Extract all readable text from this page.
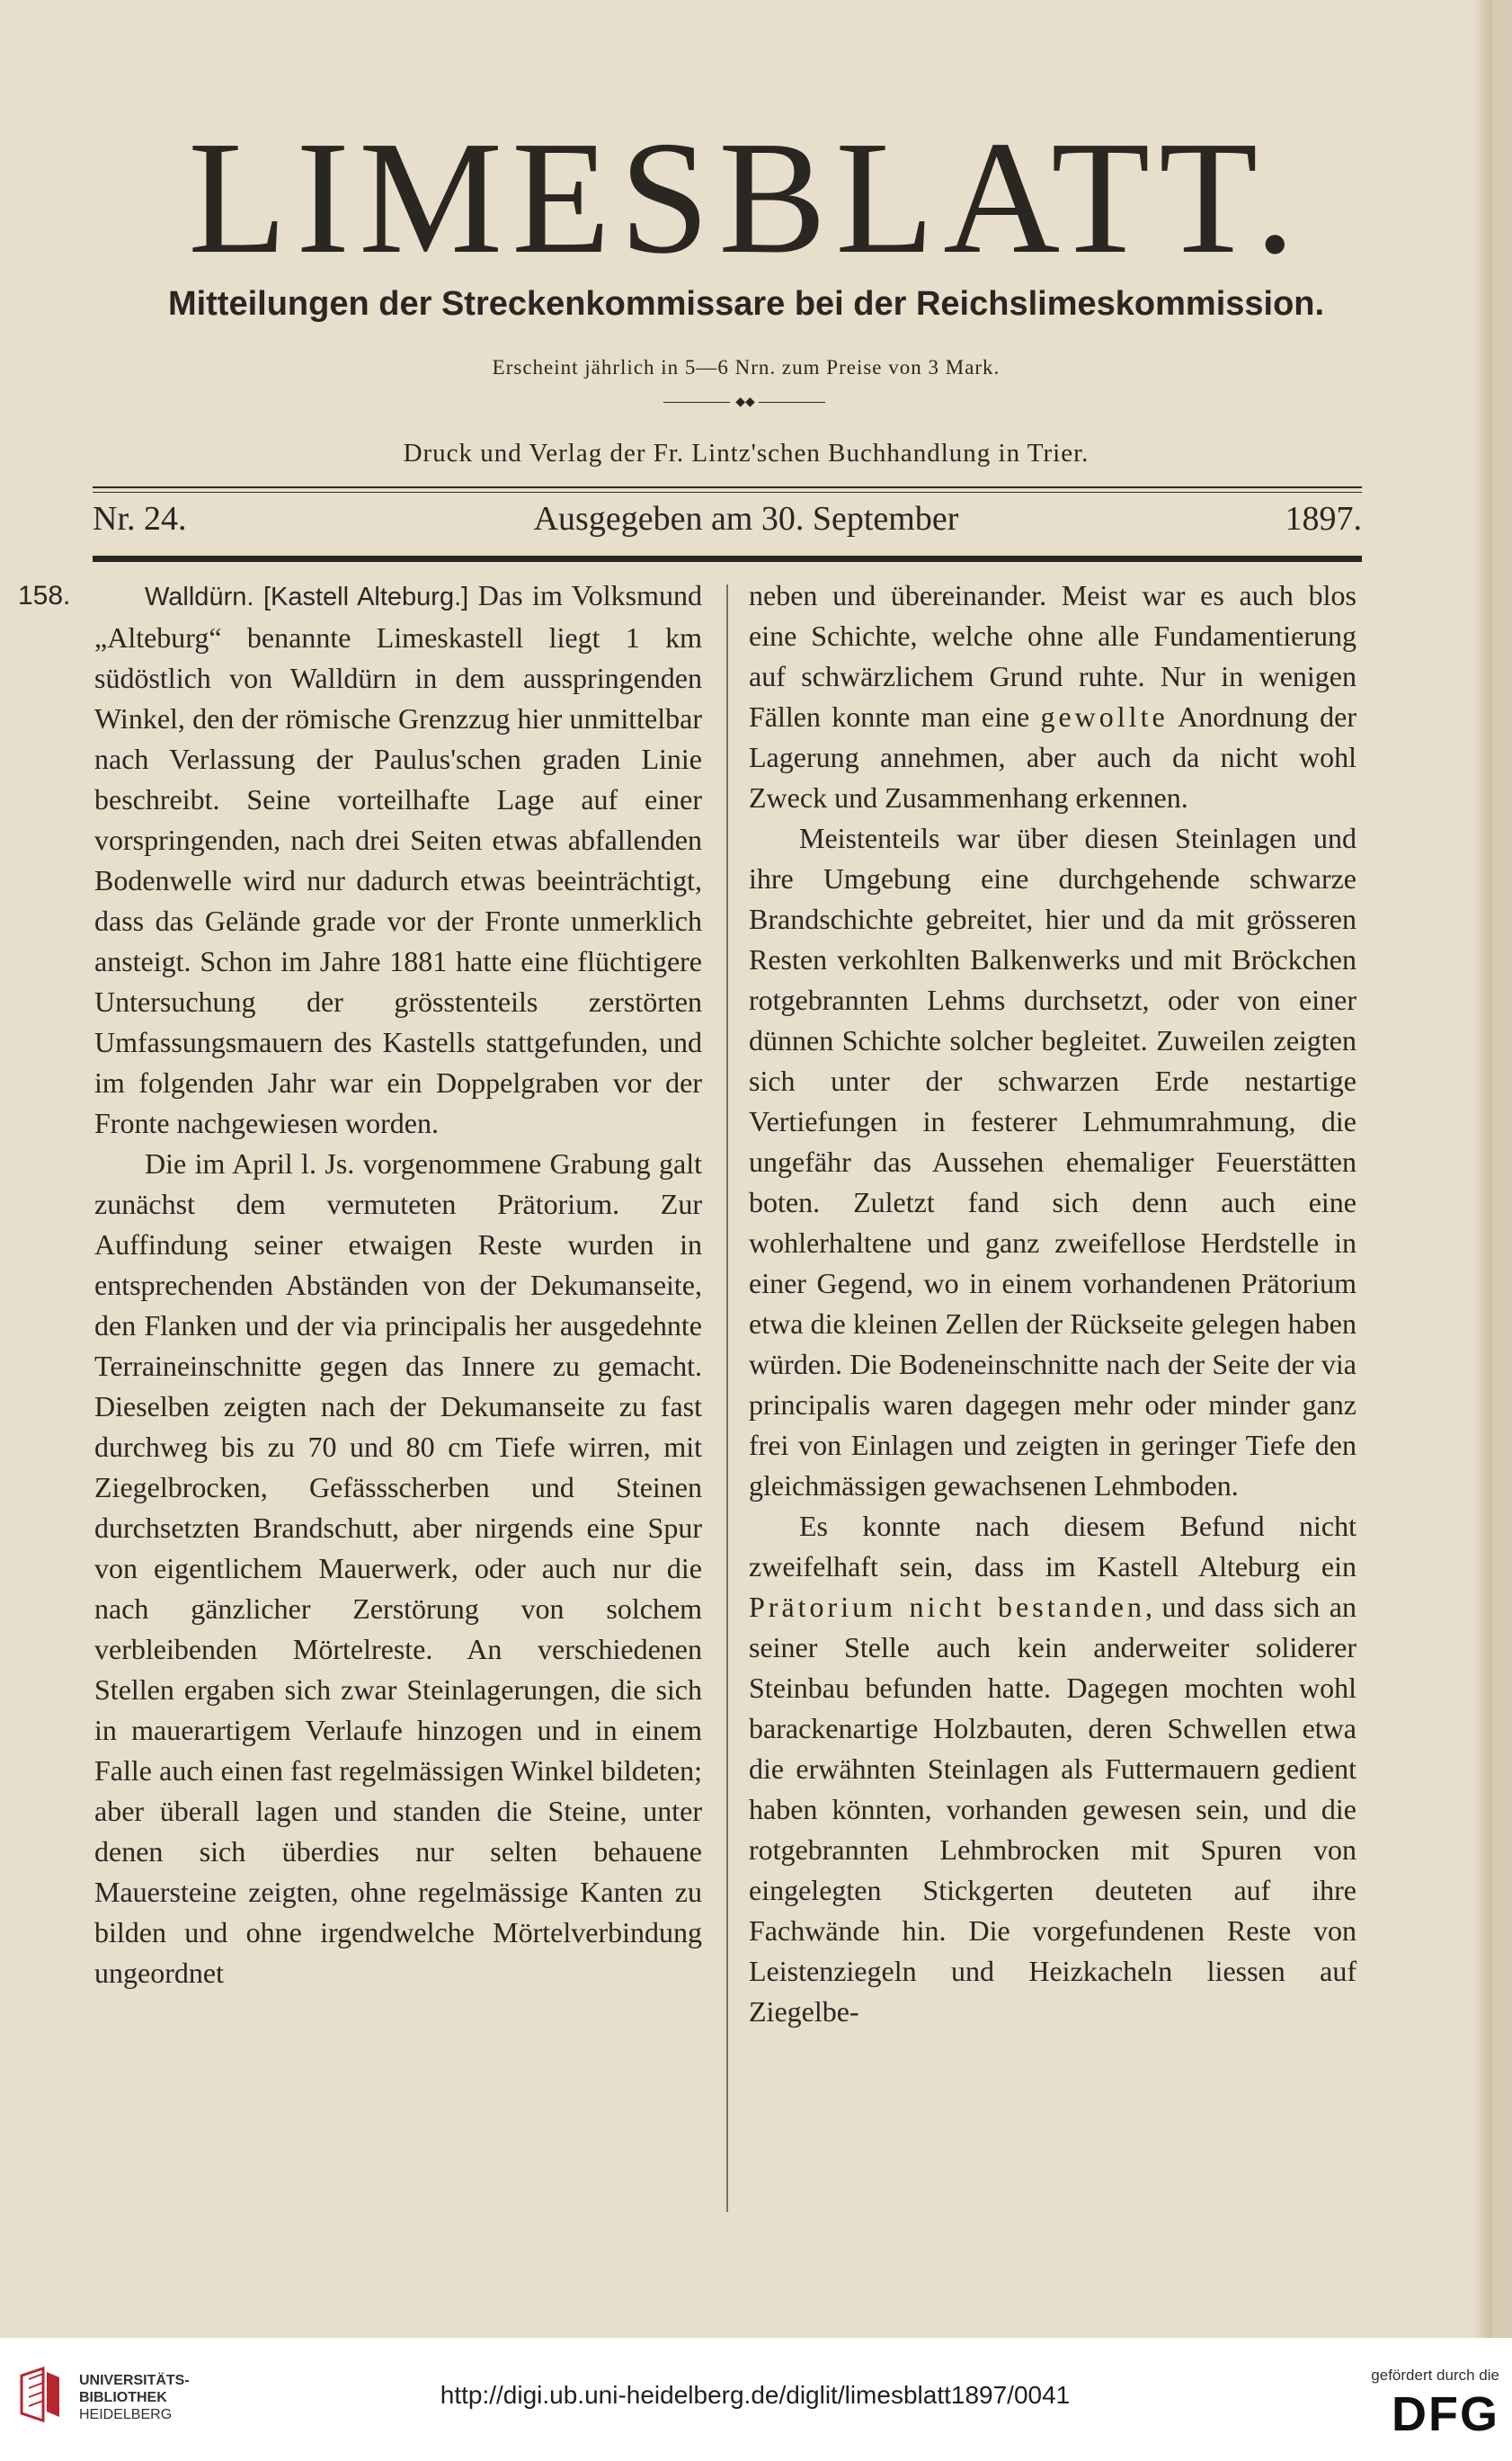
LIMESBLATT.
Mitteilungen der Streckenkommissare bei der Reichslimeskommission.
Erscheint jährlich in 5—6 Nrn. zum Preise von 3 Mark.
◆◆
Druck und Verlag der Fr. Lintz'schen Buchhandlung in Trier.
Nr. 24.	Ausgegeben am 30. September	1897.
158.	Walldürn. [Kastell Alteburg.] Das im Volksmund „Alteburg“ benannte Limeskastell liegt 1 km südöstlich von Walldürn in dem ausspringenden Winkel, den der römische Grenzzug hier unmittelbar nach Verlassung der Paulus'schen graden Linie beschreibt. Seine vorteilhafte Lage auf einer vorspringenden, nach drei Seiten etwas abfallenden Bodenwelle wird nur dadurch etwas beeinträchtigt, dass das Gelände grade vor der Fronte unmerklich ansteigt. Schon im Jahre 1881 hatte eine flüchtigere Untersuchung der grösstenteils zerstörten Umfassungsmauern des Kastells stattgefunden, und im folgenden Jahr war ein Doppelgraben vor der Fronte nachgewiesen worden.

Die im April l. Js. vorgenommene Grabung galt zunächst dem vermuteten Prätorium. Zur Auffindung seiner etwaigen Reste wurden in entsprechenden Abständen von der Dekumanseite, den Flanken und der via principalis her ausgedehnte Terraineinschnitte gegen das Innere zu gemacht. Dieselben zeigten nach der Dekumanseite zu fast durchweg bis zu 70 und 80 cm Tiefe wirren, mit Ziegelbrocken, Gefässscherben und Steinen durchsetzten Brandschutt, aber nirgends eine Spur von eigentlichem Mauerwerk, oder auch nur die nach gänzlicher Zerstörung von solchem verbleibenden Mörtelreste. An verschiedenen Stellen ergaben sich zwar Steinlagerungen, die sich in mauerartigem Verlaufe hinzogen und in einem Falle auch einen fast regelmässigen Winkel bildeten; aber überall lagen und standen die Steine, unter denen sich überdies nur selten behauene Mauersteine zeigten, ohne regelmässige Kanten zu bilden und ohne irgendwelche Mörtelverbindung ungeordnet

neben und übereinander. Meist war es auch blos eine Schichte, welche ohne alle Fundamentierung auf schwärzlichem Grund ruhte. Nur in wenigen Fällen konnte man eine gewollte Anordnung der Lagerung annehmen, aber auch da nicht wohl Zweck und Zusammenhang erkennen.

Meistenteils war über diesen Steinlagen und ihre Umgebung eine durchgehende schwarze Brandschichte gebreitet, hier und da mit grösseren Resten verkohlten Balkenwerks und mit Bröckchen rotgebrannten Lehms durchsetzt, oder von einer dünnen Schichte solcher begleitet. Zuweilen zeigten sich unter der schwarzen Erde nestartige Vertiefungen in festerer Lehmumrahmung, die ungefähr das Aussehen ehemaliger Feuerstätten boten. Zuletzt fand sich denn auch eine wohlerhaltene und ganz zweifellose Herdstelle in einer Gegend, wo in einem vorhandenen Prätorium etwa die kleinen Zellen der Rückseite gelegen haben würden. Die Bodeneinschnitte nach der Seite der via principalis waren dagegen mehr oder minder ganz frei von Einlagen und zeigten in geringer Tiefe den gleichmässigen gewachsenen Lehmboden.

Es konnte nach diesem Befund nicht zweifelhaft sein, dass im Kastell Alteburg ein Prätorium nicht bestanden, und dass sich an seiner Stelle auch kein anderweiter soliderer Steinbau befunden hatte. Dagegen mochten wohl barackenartige Holzbauten, deren Schwellen etwa die erwähnten Steinlagen als Futtermauern gedient haben könnten, vorhanden gewesen sein, und die rotgebrannten Lehmbrocken mit Spuren von eingelegten Stickgerten deuteten auf ihre Fachwände hin. Die vorgefundenen Reste von Leistenziegeln und Heizkacheln liessen auf Ziegelbe-

UNIVERSITÄTS-
BIBLIOTHEK
HEIDELBERG
http://digi.ub.uni-heidelberg.de/diglit/limesblatt1897/0041
gefördert durch die
DFG
